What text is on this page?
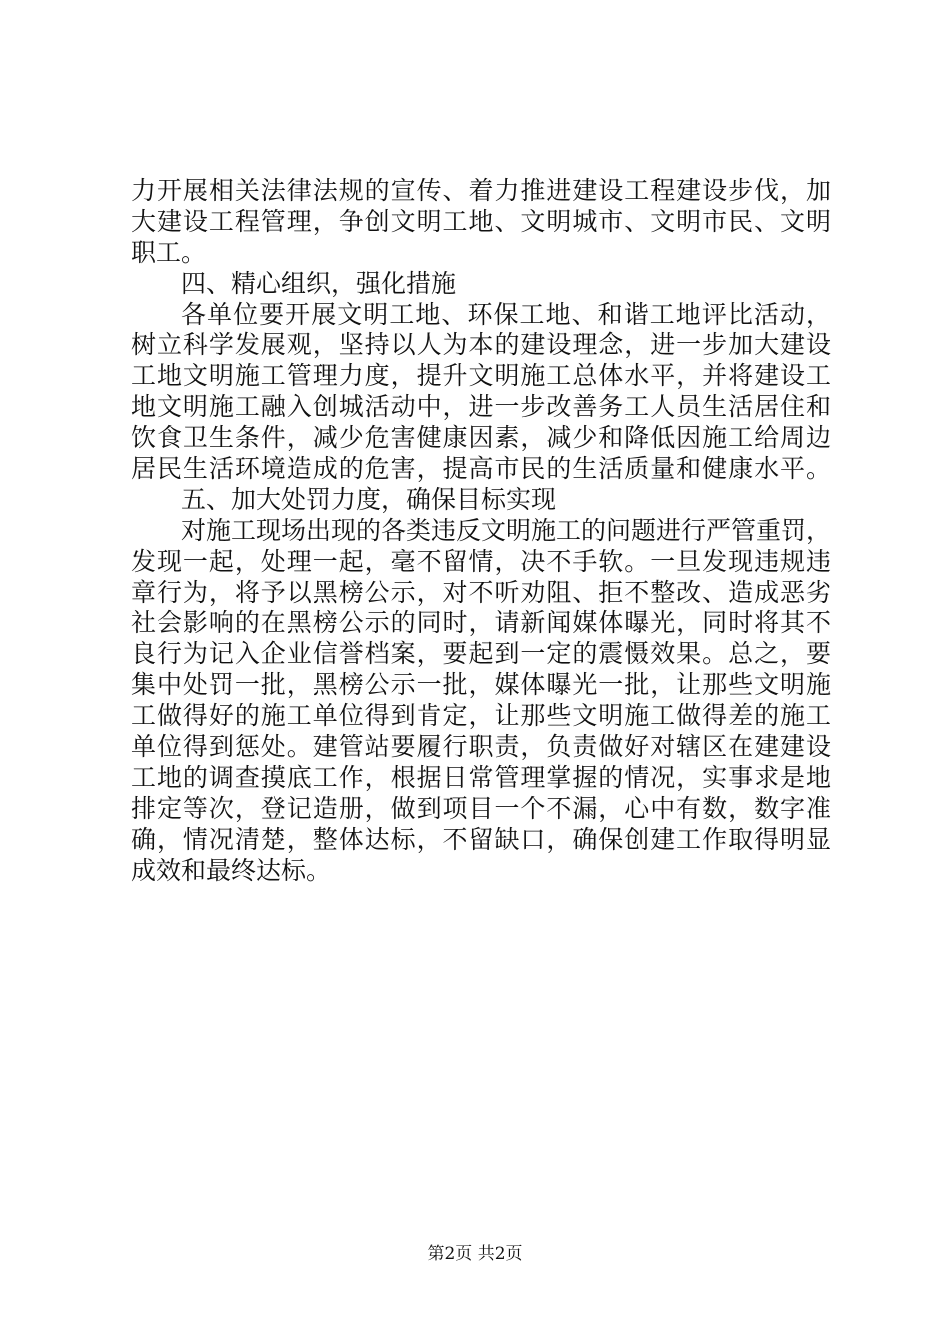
力开展相关法律法规的宣传、着力推进建设工程建设步伐，加
大建设工程管理，争创文明工地、文明城市、文明市民、文明
职工。
四、精心组织，强化措施
各单位要开展文明工地、环保工地、和谐工地评比活动，
树立科学发展观，坚持以人为本的建设理念，进一步加大建设
工地文明施工管理力度，提升文明施工总体水平，并将建设工
地文明施工融入创城活动中，进一步改善务工人员生活居住和
饮食卫生条件，减少危害健康因素，减少和降低因施工给周边
居民生活环境造成的危害，提高市民的生活质量和健康水平。
五、加大处罚力度，确保目标实现
对施工现场出现的各类违反文明施工的问题进行严管重罚，
发现一起，处理一起，毫不留情，决不手软。一旦发现违规违
章行为，将予以黑榜公示，对不听劝阻、拒不整改、造成恶劣
社会影响的在黑榜公示的同时，请新闻媒体曝光，同时将其不
良行为记入企业信誉档案，要起到一定的震慑效果。总之，要
集中处罚一批，黑榜公示一批，媒体曝光一批，让那些文明施
工做得好的施工单位得到肯定，让那些文明施工做得差的施工
单位得到惩处。建管站要履行职责，负责做好对辖区在建建设
工地的调查摸底工作，根据日常管理掌握的情况，实事求是地
排定等次，登记造册，做到项目一个不漏，心中有数，数字准
确，情况清楚，整体达标，不留缺口，确保创建工作取得明显
成效和最终达标。
第2页 共2页
